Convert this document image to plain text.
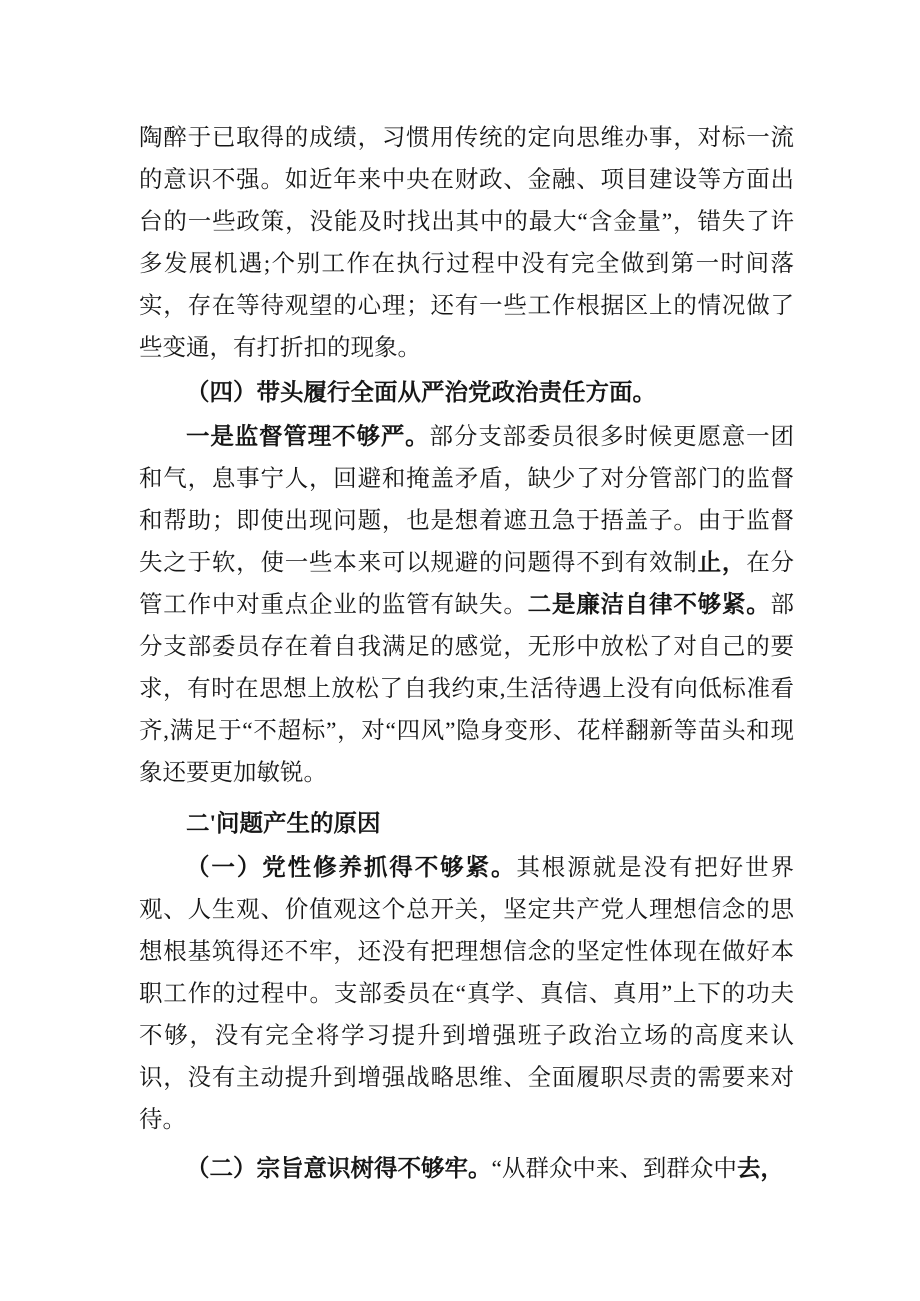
陶醉于已取得的成绩，习惯用传统的定向思维办事，对标一流的意识不强。如近年来中央在财政、金融、项目建设等方面出台的一些政策，没能及时找出其中的最大“含金量”，错失了许多发展机遇;个别工作在执行过程中没有完全做到第一时间落实，存在等待观望的心理；还有一些工作根据区上的情况做了些变通，有打折扣的现象。

（四）带头履行全面从严治党政治责任方面。

一是监督管理不够严。部分支部委员很多时候更愿意一团和气，息事宁人，回避和掩盖矛盾，缺少了对分管部门的监督和帮助；即使出现问题，也是想着遮丑急于捂盖子。由于监督失之于软，使一些本来可以规避的问题得不到有效制止，在分管工作中对重点企业的监管有缺失。二是廉洁自律不够紧。部分支部委员存在着自我满足的感觉，无形中放松了对自己的要求，有时在思想上放松了自我约束,生活待遇上没有向低标准看齐,满足于“不超标”，对“四风”隐身变形、花样翻新等苗头和现象还要更加敏锐。

二'问题产生的原因

（一）党性修养抓得不够紧。其根源就是没有把好世界观、人生观、价值观这个总开关，坚定共产党人理想信念的思想根基筑得还不牢，还没有把理想信念的坚定性体现在做好本职工作的过程中。支部委员在“真学、真信、真用”上下的功夫不够，没有完全将学习提升到增强班子政治立场的高度来认识，没有主动提升到增强战略思维、全面履职尽责的需要来对待。

（二）宗旨意识树得不够牢。“从群众中来、到群众中去，
